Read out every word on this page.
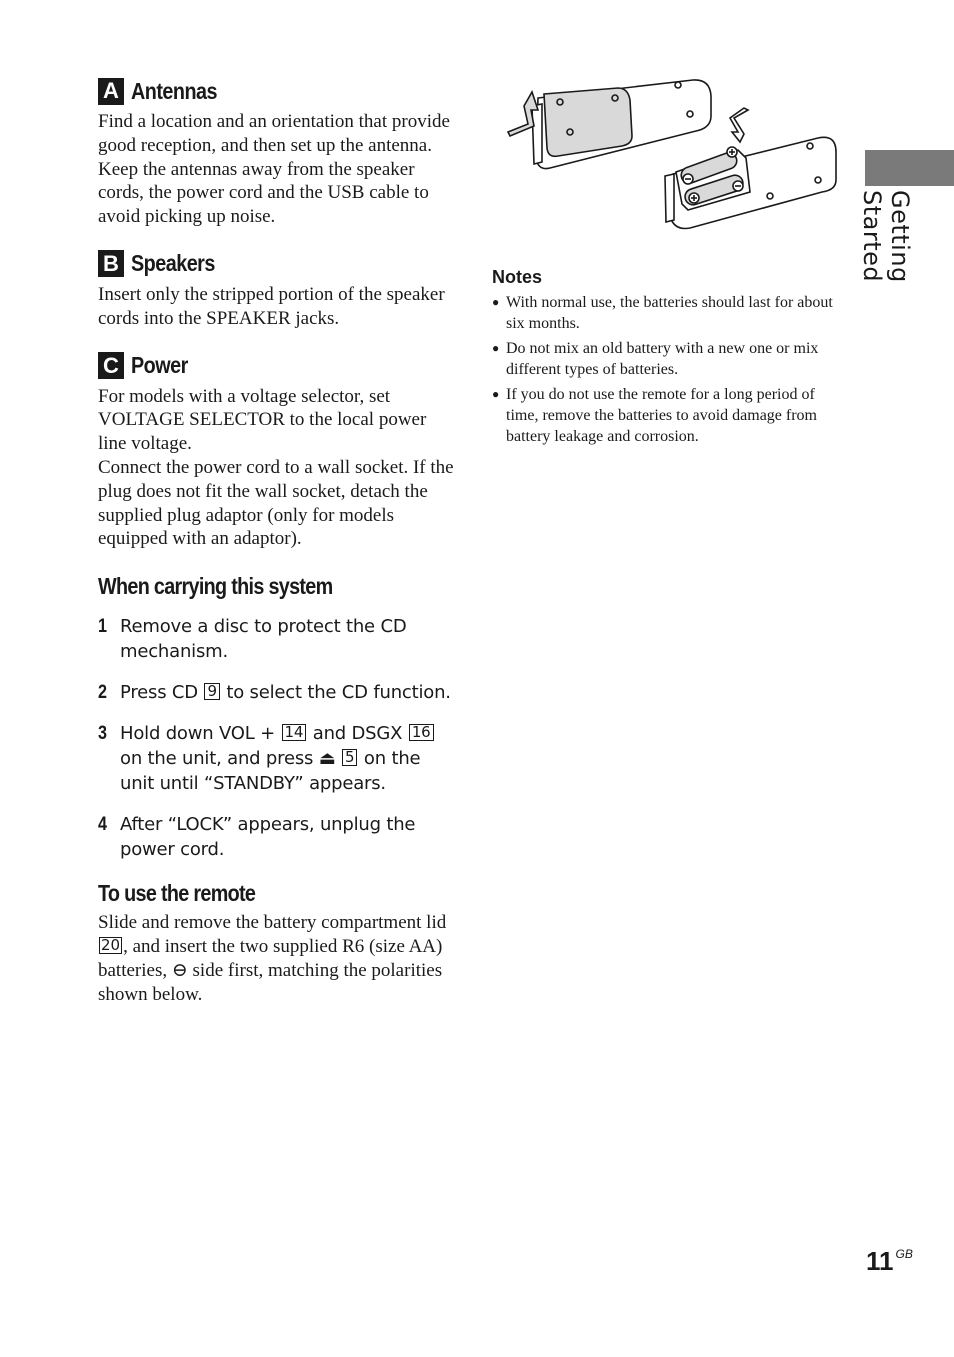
A Antennas

Find a location and an orientation that provide good reception, and then set up the antenna.

Keep the antennas away from the speaker cords, the power cord and the USB cable to avoid picking up noise.

B Speakers

Insert only the stripped portion of the speaker cords into the SPEAKER jacks.

C Power

For models with a voltage selector, set VOLTAGE SELECTOR to the local power line voltage.

Connect the power cord to a wall socket. If the plug does not fit the wall socket, detach the supplied plug adaptor (only for models equipped with an adaptor).

When carrying this system
1 Remove a disc to protect the CD mechanism.
2 Press CD 9 to select the CD function.
3 Hold down VOL + 14 and DSGX 16 on the unit, and press ⏏ 5 on the unit until “STANDBY” appears.
4 After “LOCK” appears, unplug the power cord.
To use the remote

Slide and remove the battery compartment lid 20 , and insert the two supplied R6 (size AA) batteries, ⊖ side first, matching the polarities shown below.

Notes
● With normal use, the batteries should last for about six months.
● Do not mix an old battery with a new one or mix different types of batteries.
● If you do not use the remote for a long period of time, remove the batteries to avoid damage from battery leakage and corrosion.
Getting Started
11 $^{GB}$
